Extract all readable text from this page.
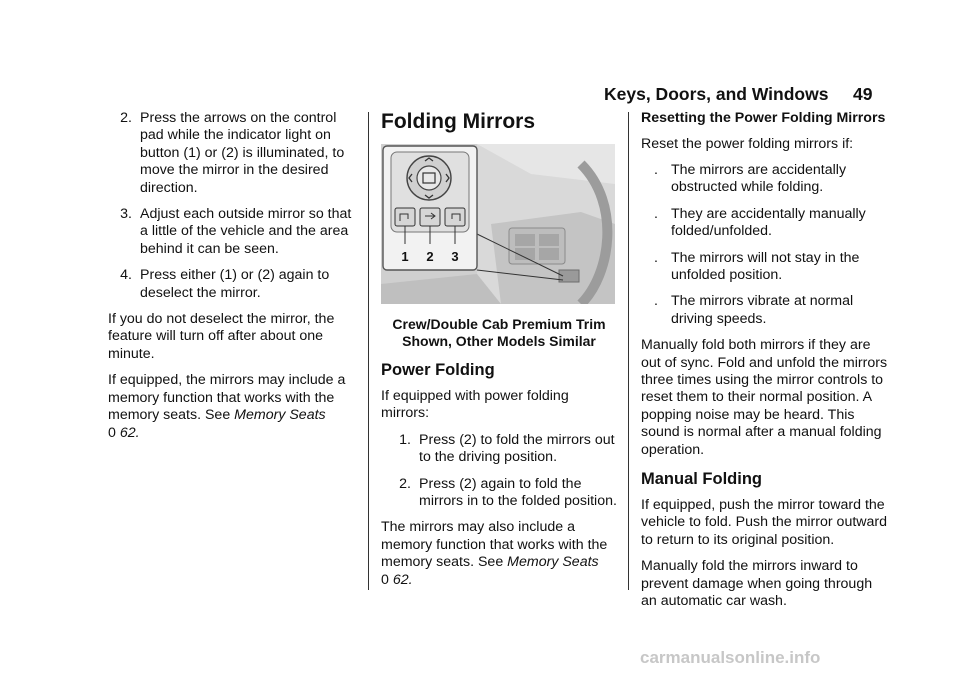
Keys, Doors, and Windows 49
2. Press the arrows on the control pad while the indicator light on button (1) or (2) is illuminated, to move the mirror in the desired direction.
3. Adjust each outside mirror so that a little of the vehicle and the area behind it can be seen.
4. Press either (1) or (2) again to deselect the mirror.

If you do not deselect the mirror, the feature will turn off after about one minute.

If equipped, the mirrors may include a memory function that works with the memory seats. See Memory Seats
0 62.

Folding Mirrors
1 2 3
Crew/Double Cab Premium Trim
Shown, Other Models Similar
Power Folding

If equipped with power folding mirrors:

1. Press (2) to fold the mirrors out to the driving position.
2. Press (2) again to fold the mirrors in to the folded position.

The mirrors may also include a memory function that works with the memory seats. See Memory Seats
0 62.

Resetting the Power Folding Mirrors

Reset the power folding mirrors if:

. The mirrors are accidentally obstructed while folding.
. They are accidentally manually folded/unfolded.
. The mirrors will not stay in the unfolded position.
. The mirrors vibrate at normal driving speeds.

Manually fold both mirrors if they are out of sync. Fold and unfold the mirrors three times using the mirror controls to reset them to their normal position. A popping noise may be heard. This sound is normal after a manual folding operation.

Manual Folding

If equipped, push the mirror toward the vehicle to fold. Push the mirror outward to return to its original position.

Manually fold the mirrors inward to prevent damage when going through an automatic car wash.

carmanualsonline.info
